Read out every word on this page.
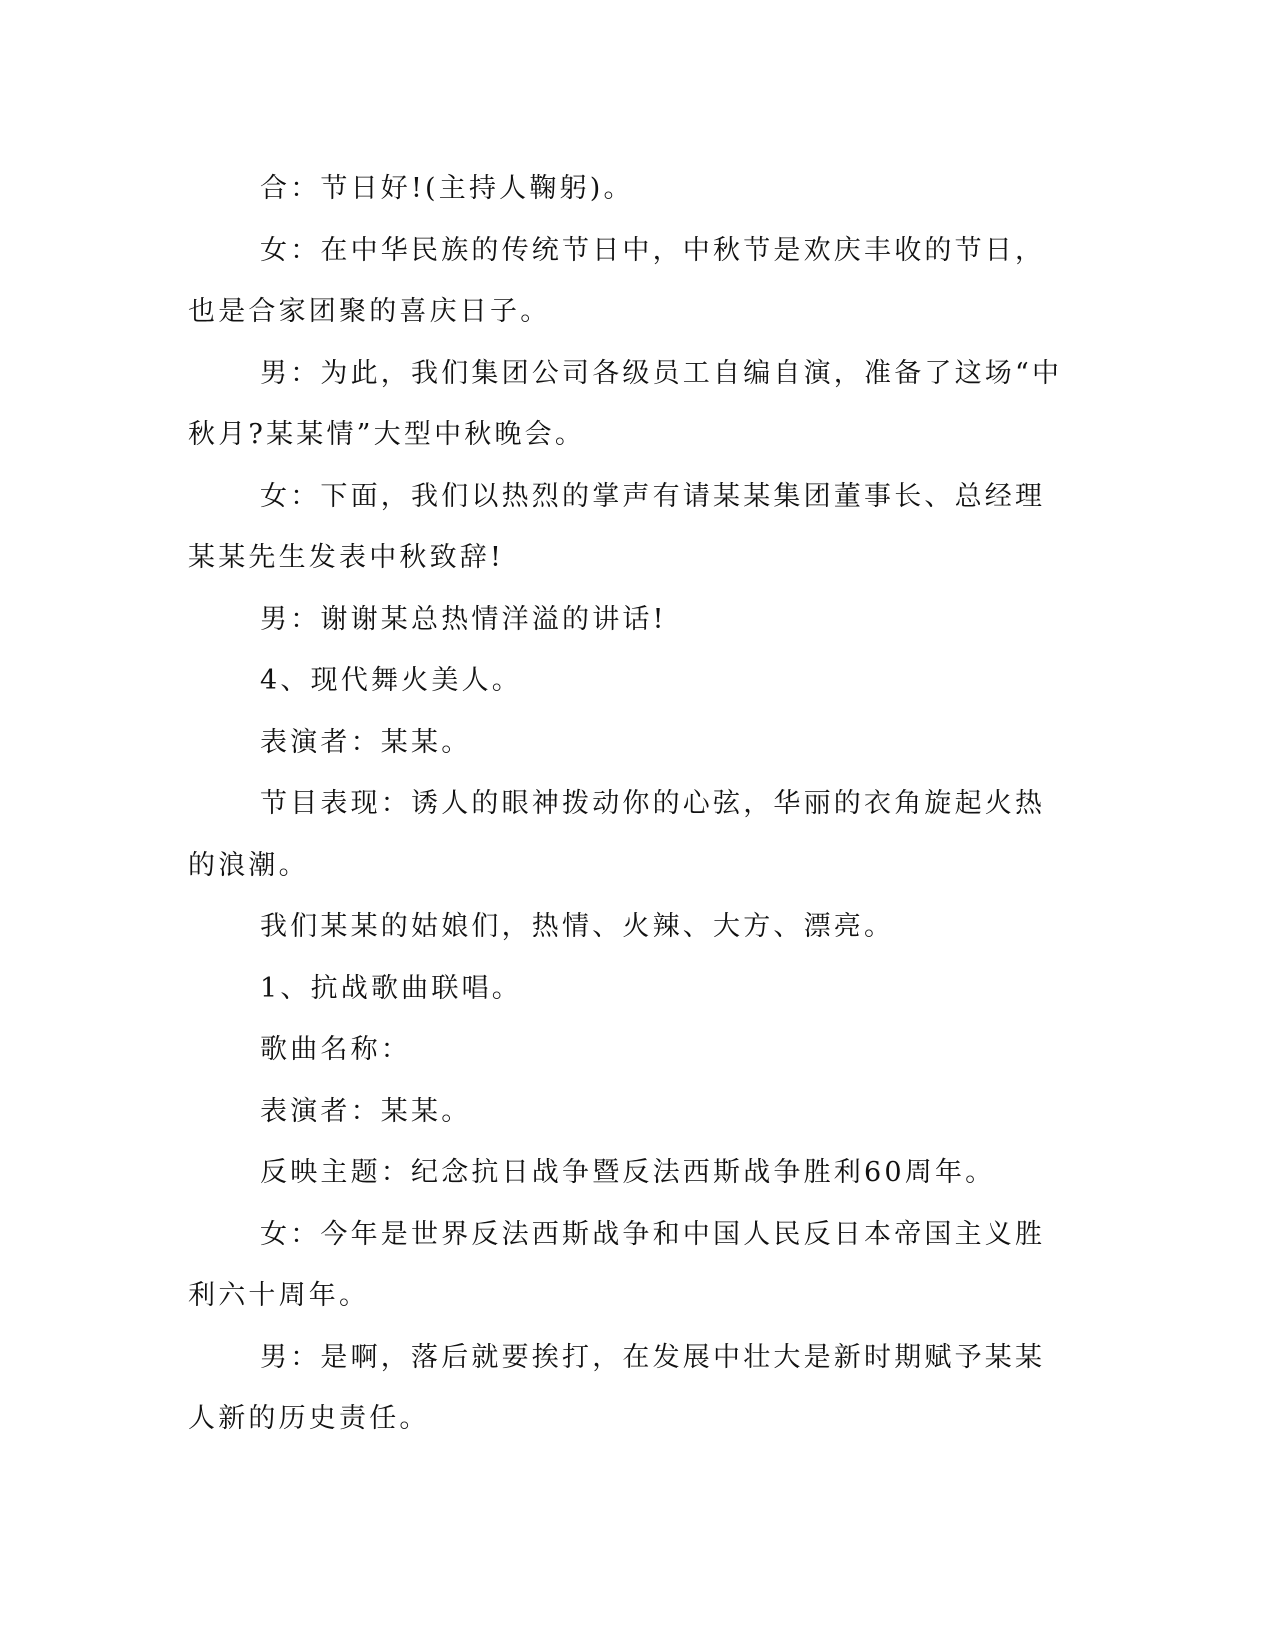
合：节日好!(主持人鞠躬)。

女：在中华民族的传统节日中，中秋节是欢庆丰收的节日，也是合家团聚的喜庆日子。

男：为此，我们集团公司各级员工自编自演，准备了这场“中秋月?某某情”大型中秋晚会。

女：下面，我们以热烈的掌声有请某某集团董事长、总经理某某先生发表中秋致辞!

男：谢谢某总热情洋溢的讲话!

4、现代舞火美人。

表演者：某某。

节目表现：诱人的眼神拨动你的心弦，华丽的衣角旋起火热的浪潮。

我们某某的姑娘们，热情、火辣、大方、漂亮。

1、抗战歌曲联唱。

歌曲名称：

表演者：某某。

反映主题：纪念抗日战争暨反法西斯战争胜利60周年。

女：今年是世界反法西斯战争和中国人民反日本帝国主义胜利六十周年。

男：是啊，落后就要挨打，在发展中壮大是新时期赋予某某人新的历史责任。
